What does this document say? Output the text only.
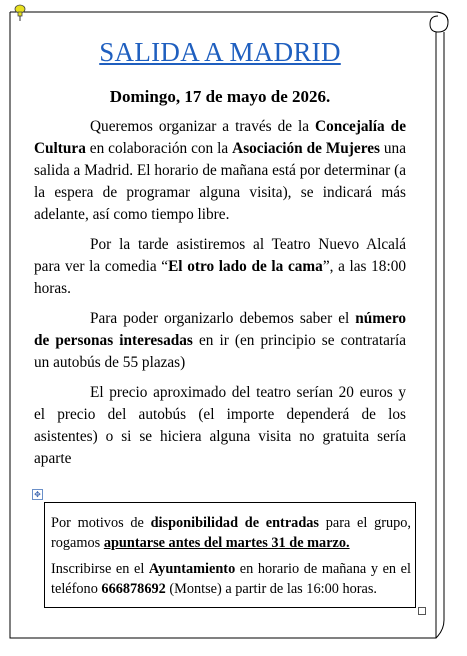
SALIDA A MADRID
Domingo, 17 de mayo de 2026.

Queremos organizar a través de la Concejalía de Cultura en colaboración con la Asociación de Mujeres una salida a Madrid. El horario de mañana está por determinar (a la espera de programar alguna visita), se indicará más adelante, así como tiempo libre.

Por la tarde asistiremos al Teatro Nuevo Alcalá para ver la comedia “El otro lado de la cama”, a las 18:00 horas.

Para poder organizarlo debemos saber el número de personas interesadas en ir (en principio se contrataría un autobús de 55 plazas)

El precio aproximado del teatro serían 20 euros y el precio del autobús (el importe dependerá de los asistentes) o si se hiciera alguna visita no gratuita sería aparte

✥

Por motivos de disponibilidad de entradas para el grupo, rogamos apuntarse antes del martes 31 de marzo.

Inscribirse en el Ayuntamiento en horario de mañana y en el teléfono 666878692 (Montse) a partir de las 16:00 horas.
